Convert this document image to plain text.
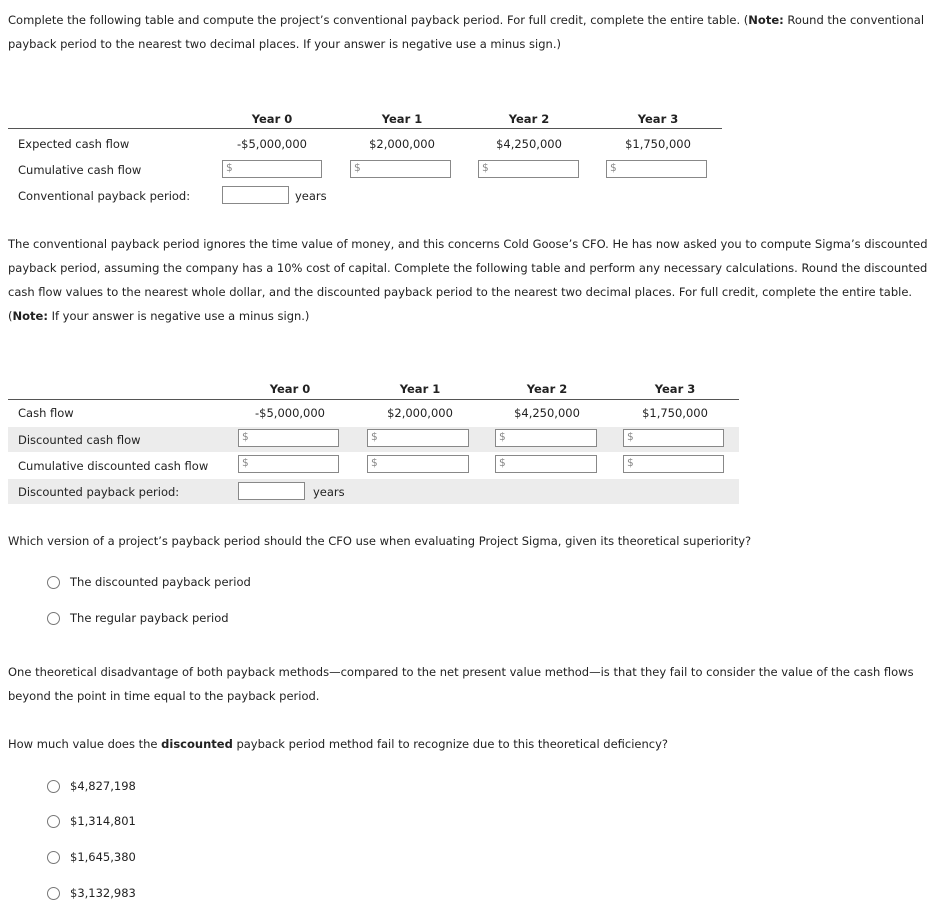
Complete the following table and compute the project’s conventional payback period. For full credit, complete the entire table. (Note: Round the conventional payback period to the nearest two decimal places. If your answer is negative use a minus sign.)
Year 0	Year 1	Year 2	Year 3
Expected cash flow	-$5,000,000	$2,000,000	$4,250,000	$1,750,000
Cumulative cash flow	$	$	$	$
Conventional payback period:	years
The conventional payback period ignores the time value of money, and this concerns Cold Goose’s CFO. He has now asked you to compute Sigma’s discounted payback period, assuming the company has a 10% cost of capital. Complete the following table and perform any necessary calculations. Round the discounted cash flow values to the nearest whole dollar, and the discounted payback period to the nearest two decimal places. For full credit, complete the entire table. (Note: If your answer is negative use a minus sign.)
Year 0	Year 1	Year 2	Year 3
Cash flow	-$5,000,000	$2,000,000	$4,250,000	$1,750,000
Discounted cash flow	$	$	$	$
Cumulative discounted cash flow	$	$	$	$
Discounted payback period:	years
Which version of a project’s payback period should the CFO use when evaluating Project Sigma, given its theoretical superiority?
The discounted payback period
The regular payback period
One theoretical disadvantage of both payback methods—compared to the net present value method—is that they fail to consider the value of the cash flows beyond the point in time equal to the payback period.
How much value does the discounted payback period method fail to recognize due to this theoretical deficiency?
$4,827,198
$1,314,801
$1,645,380
$3,132,983
